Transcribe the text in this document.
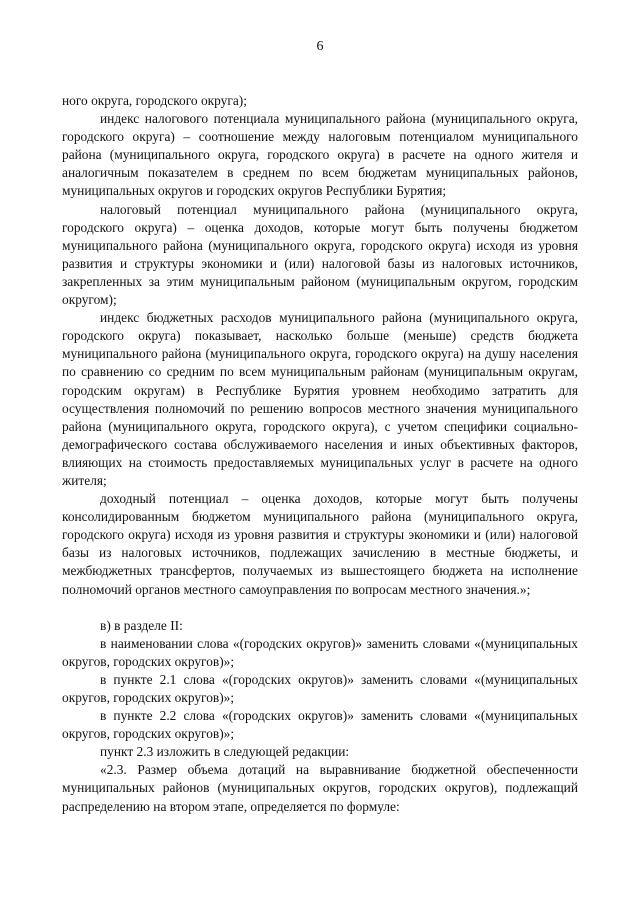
6

ного округа, городского округа);

индекс налогового потенциала муниципального района (муниципального округа, городского округа) – соотношение между налоговым потенциалом муниципального района (муниципального округа, городского округа) в расчете на одного жителя и аналогичным показателем в среднем по всем бюджетам муниципальных районов, муниципальных округов и городских округов Республики Бурятия;

налоговый потенциал муниципального района (муниципального округа, городского округа) – оценка доходов, которые могут быть получены бюджетом муниципального района (муниципального округа, городского округа) исходя из уровня развития и структуры экономики и (или) налоговой базы из налоговых источников, закрепленных за этим муниципальным районом (муниципальным округом, городским округом);

индекс бюджетных расходов муниципального района (муниципального округа, городского округа) показывает, насколько больше (меньше) средств бюджета муниципального района (муниципального округа, городского округа) на душу населения по сравнению со средним по всем муниципальным районам (муниципальным округам, городским округам) в Республике Бурятия уровнем необходимо затратить для осуществления полномочий по решению вопросов местного значения муниципального района (муниципального округа, городского округа), с учетом специфики социально-демографического состава обслуживаемого населения и иных объективных факторов, влияющих на стоимость предоставляемых муниципальных услуг в расчете на одного жителя;

доходный потенциал – оценка доходов, которые могут быть получены консолидированным бюджетом муниципального района (муниципального округа, городского округа) исходя из уровня развития и структуры экономики и (или) налоговой базы из налоговых источников, подлежащих зачислению в местные бюджеты, и межбюджетных трансфертов, получаемых из вышестоящего бюджета на исполнение полномочий органов местного самоуправления по вопросам местного значения.»;

в) в разделе II:

в наименовании слова «(городских округов)» заменить словами «(муниципальных округов, городских округов)»;

в пункте 2.1 слова «(городских округов)» заменить словами «(муниципальных округов, городских округов)»;

в пункте 2.2 слова «(городских округов)» заменить словами «(муниципальных округов, городских округов)»;

пункт 2.3 изложить в следующей редакции:

«2.3. Размер объема дотаций на выравнивание бюджетной обеспеченности муниципальных районов (муниципальных округов, городских округов), подлежащий распределению на втором этапе, определяется по формуле:
